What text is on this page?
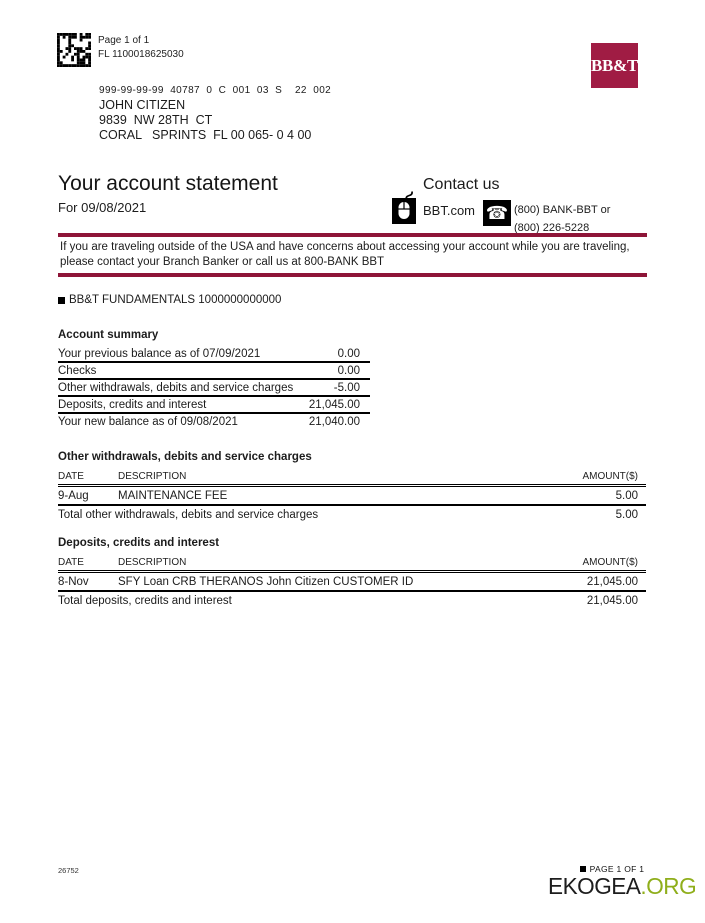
Page 1 of 1
FL 1100018625030
BB&T
999-99-99-99  40787  0  C  001  03  S    22  002
JOHN CITIZEN
9839  NW 28TH  CT
CORAL   SPRINTS  FL 00 065- 0 4 00
Your account statement
For 09/08/2021
Contact us
BBT.com ☎ (800) BANK-BBT or
(800) 226-5228
If you are traveling outside of the USA and have concerns about accessing your account while you are traveling, please contact your Branch Banker or call us at 800-BANK BBT
BB&T FUNDAMENTALS 1000000000000
Account summary
Your previous balance as of 07/09/2021	0.00
Checks	0.00
Other withdrawals, debits and service charges	-5.00
Deposits, credits and interest	21,045.00
Your new balance as of 09/08/2021	21,040.00
Other withdrawals, debits and service charges
DATE	DESCRIPTION	AMOUNT($)
9-Aug	MAINTENANCE FEE	5.00
Total other withdrawals, debits and service charges	5.00
Deposits, credits and interest
DATE	DESCRIPTION	AMOUNT($)
8-Nov	SFY Loan CRB THERANOS John Citizen CUSTOMER ID	21,045.00
Total deposits, credits and interest	21,045.00
26752	PAGE 1 OF 1
EKOGEA.ORG
